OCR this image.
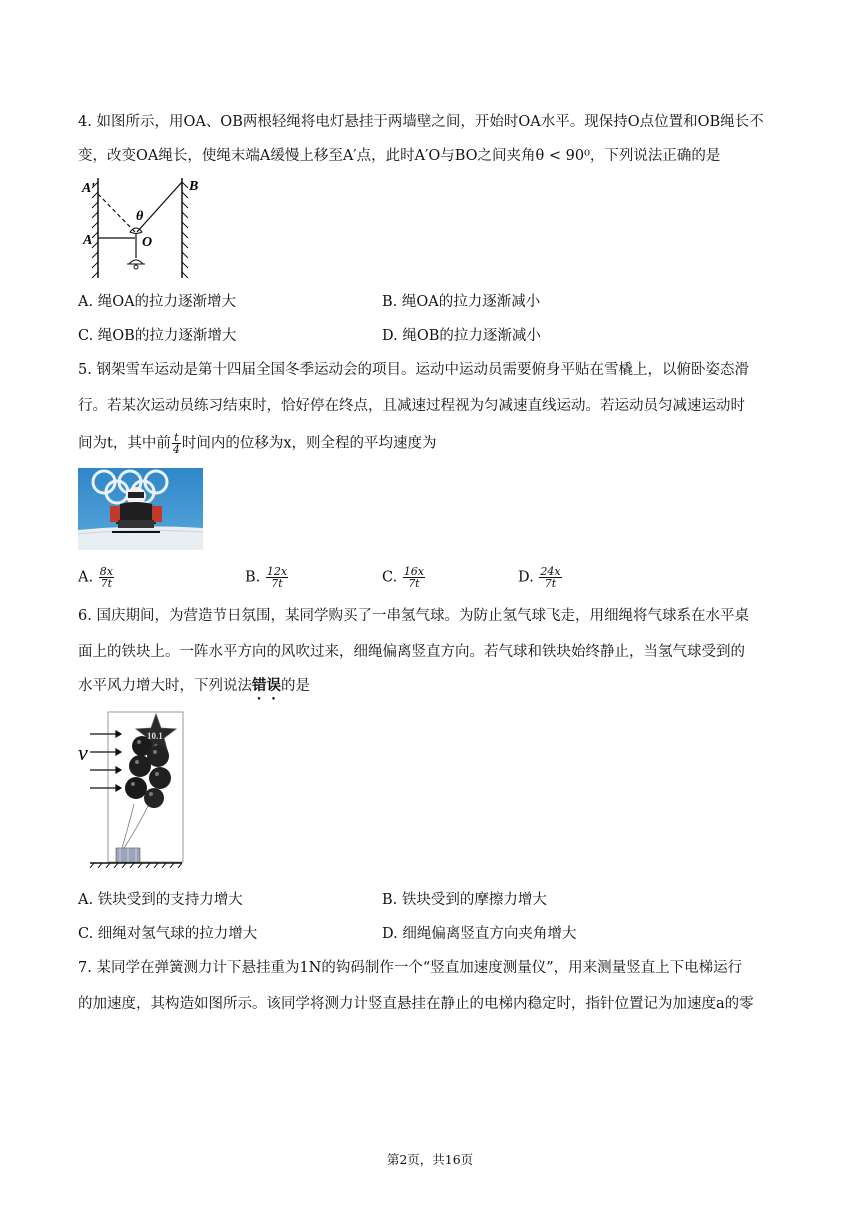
4. 如图所示，用OA、OB两根轻绳将电灯悬挂于两墙壁之间，开始时OA水平。现保持O点位置和OB绳长不
变，改变OA绳长，使绳末端A缓慢上移至A′点，此时A′O与BO之间夹角θ < 90⁰，下列说法正确的是
A′
A
B
O
θ
A. 绳OA的拉力逐渐增大	B. 绳OA的拉力逐渐减小
C. 绳OB的拉力逐渐增大	D. 绳OB的拉力逐渐减小
5. 钢架雪车运动是第十四届全国冬季运动会的项目。运动中运动员需要俯身平贴在雪橇上，以俯卧姿态滑
行。若某次运动员练习结束时，恰好停在终点，且减速过程视为匀减速直线运动。若运动员匀减速运动时
间为t，其中前 $\frac{t}{4}$ 时间内的位移为x，则全程的平均速度为
A. $\frac{8x}{7t}$	B. $\frac{12x}{7t}$	C. $\frac{16x}{7t}$	D. $\frac{24x}{7t}$
6. 国庆期间，为营造节日氛围，某同学购买了一串氢气球。为防止氢气球飞走，用细绳将气球系在水平桌
面上的铁块上。一阵水平方向的风吹过来，细绳偏离竖直方向。若气球和铁块始终静止，当氢气球受到的
水平风力增大时，下列说法错误的是
v
10.1
A. 铁块受到的支持力增大	B. 铁块受到的摩擦力增大
C. 细绳对氢气球的拉力增大	D. 细绳偏离竖直方向夹角增大
7. 某同学在弹簧测力计下悬挂重为1N的钩码制作一个“竖直加速度测量仪”，用来测量竖直上下电梯运行
的加速度，其构造如图所示。该同学将测力计竖直悬挂在静止的电梯内稳定时，指针位置记为加速度a的零
第2页，共16页
